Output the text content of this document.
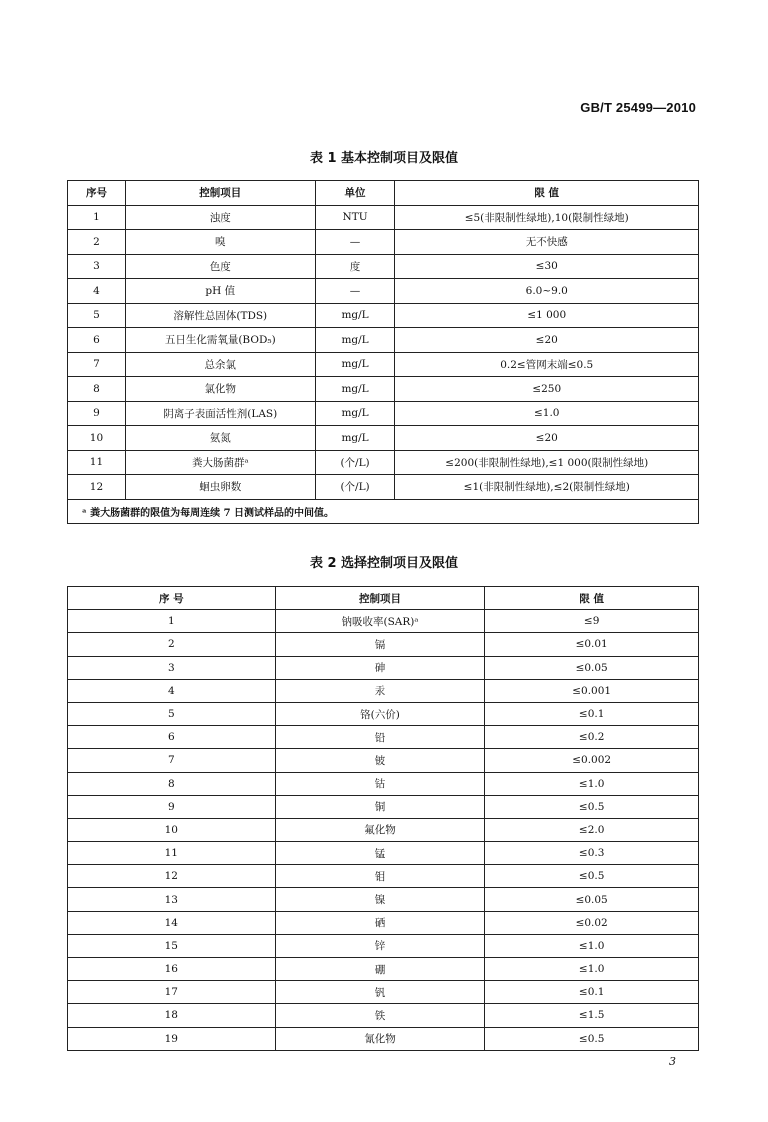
GB/T 25499—2010
表 1 基本控制项目及限值
序号	控制项目	单位	限 值
1	浊度	NTU	≤5(非限制性绿地),10(限制性绿地)
2	嗅	—	无不快感
3	色度	度	≤30
4	pH 值	—	6.0~9.0
5	溶解性总固体(TDS)	mg/L	≤1 000
6	五日生化需氧量(BOD₅)	mg/L	≤20
7	总余氯	mg/L	0.2≤管网末端≤0.5
8	氯化物	mg/L	≤250
9	阴离子表面活性剂(LAS)	mg/L	≤1.0
10	氨氮	mg/L	≤20
11	粪大肠菌群ᵃ	(个/L)	≤200(非限制性绿地),≤1 000(限制性绿地)
12	蛔虫卵数	(个/L)	≤1(非限制性绿地),≤2(限制性绿地)
ᵃ 粪大肠菌群的限值为每周连续 7 日测试样品的中间值。			
表 2 选择控制项目及限值
序 号	控制项目	限 值
1	钠吸收率(SAR)ᵃ	≤9
2	镉	≤0.01
3	砷	≤0.05
4	汞	≤0.001
5	铬(六价)	≤0.1
6	铅	≤0.2
7	铍	≤0.002
8	钴	≤1.0
9	铜	≤0.5
10	氟化物	≤2.0
11	锰	≤0.3
12	钼	≤0.5
13	镍	≤0.05
14	硒	≤0.02
15	锌	≤1.0
16	硼	≤1.0
17	钒	≤0.1
18	铁	≤1.5
19	氰化物	≤0.5
3
